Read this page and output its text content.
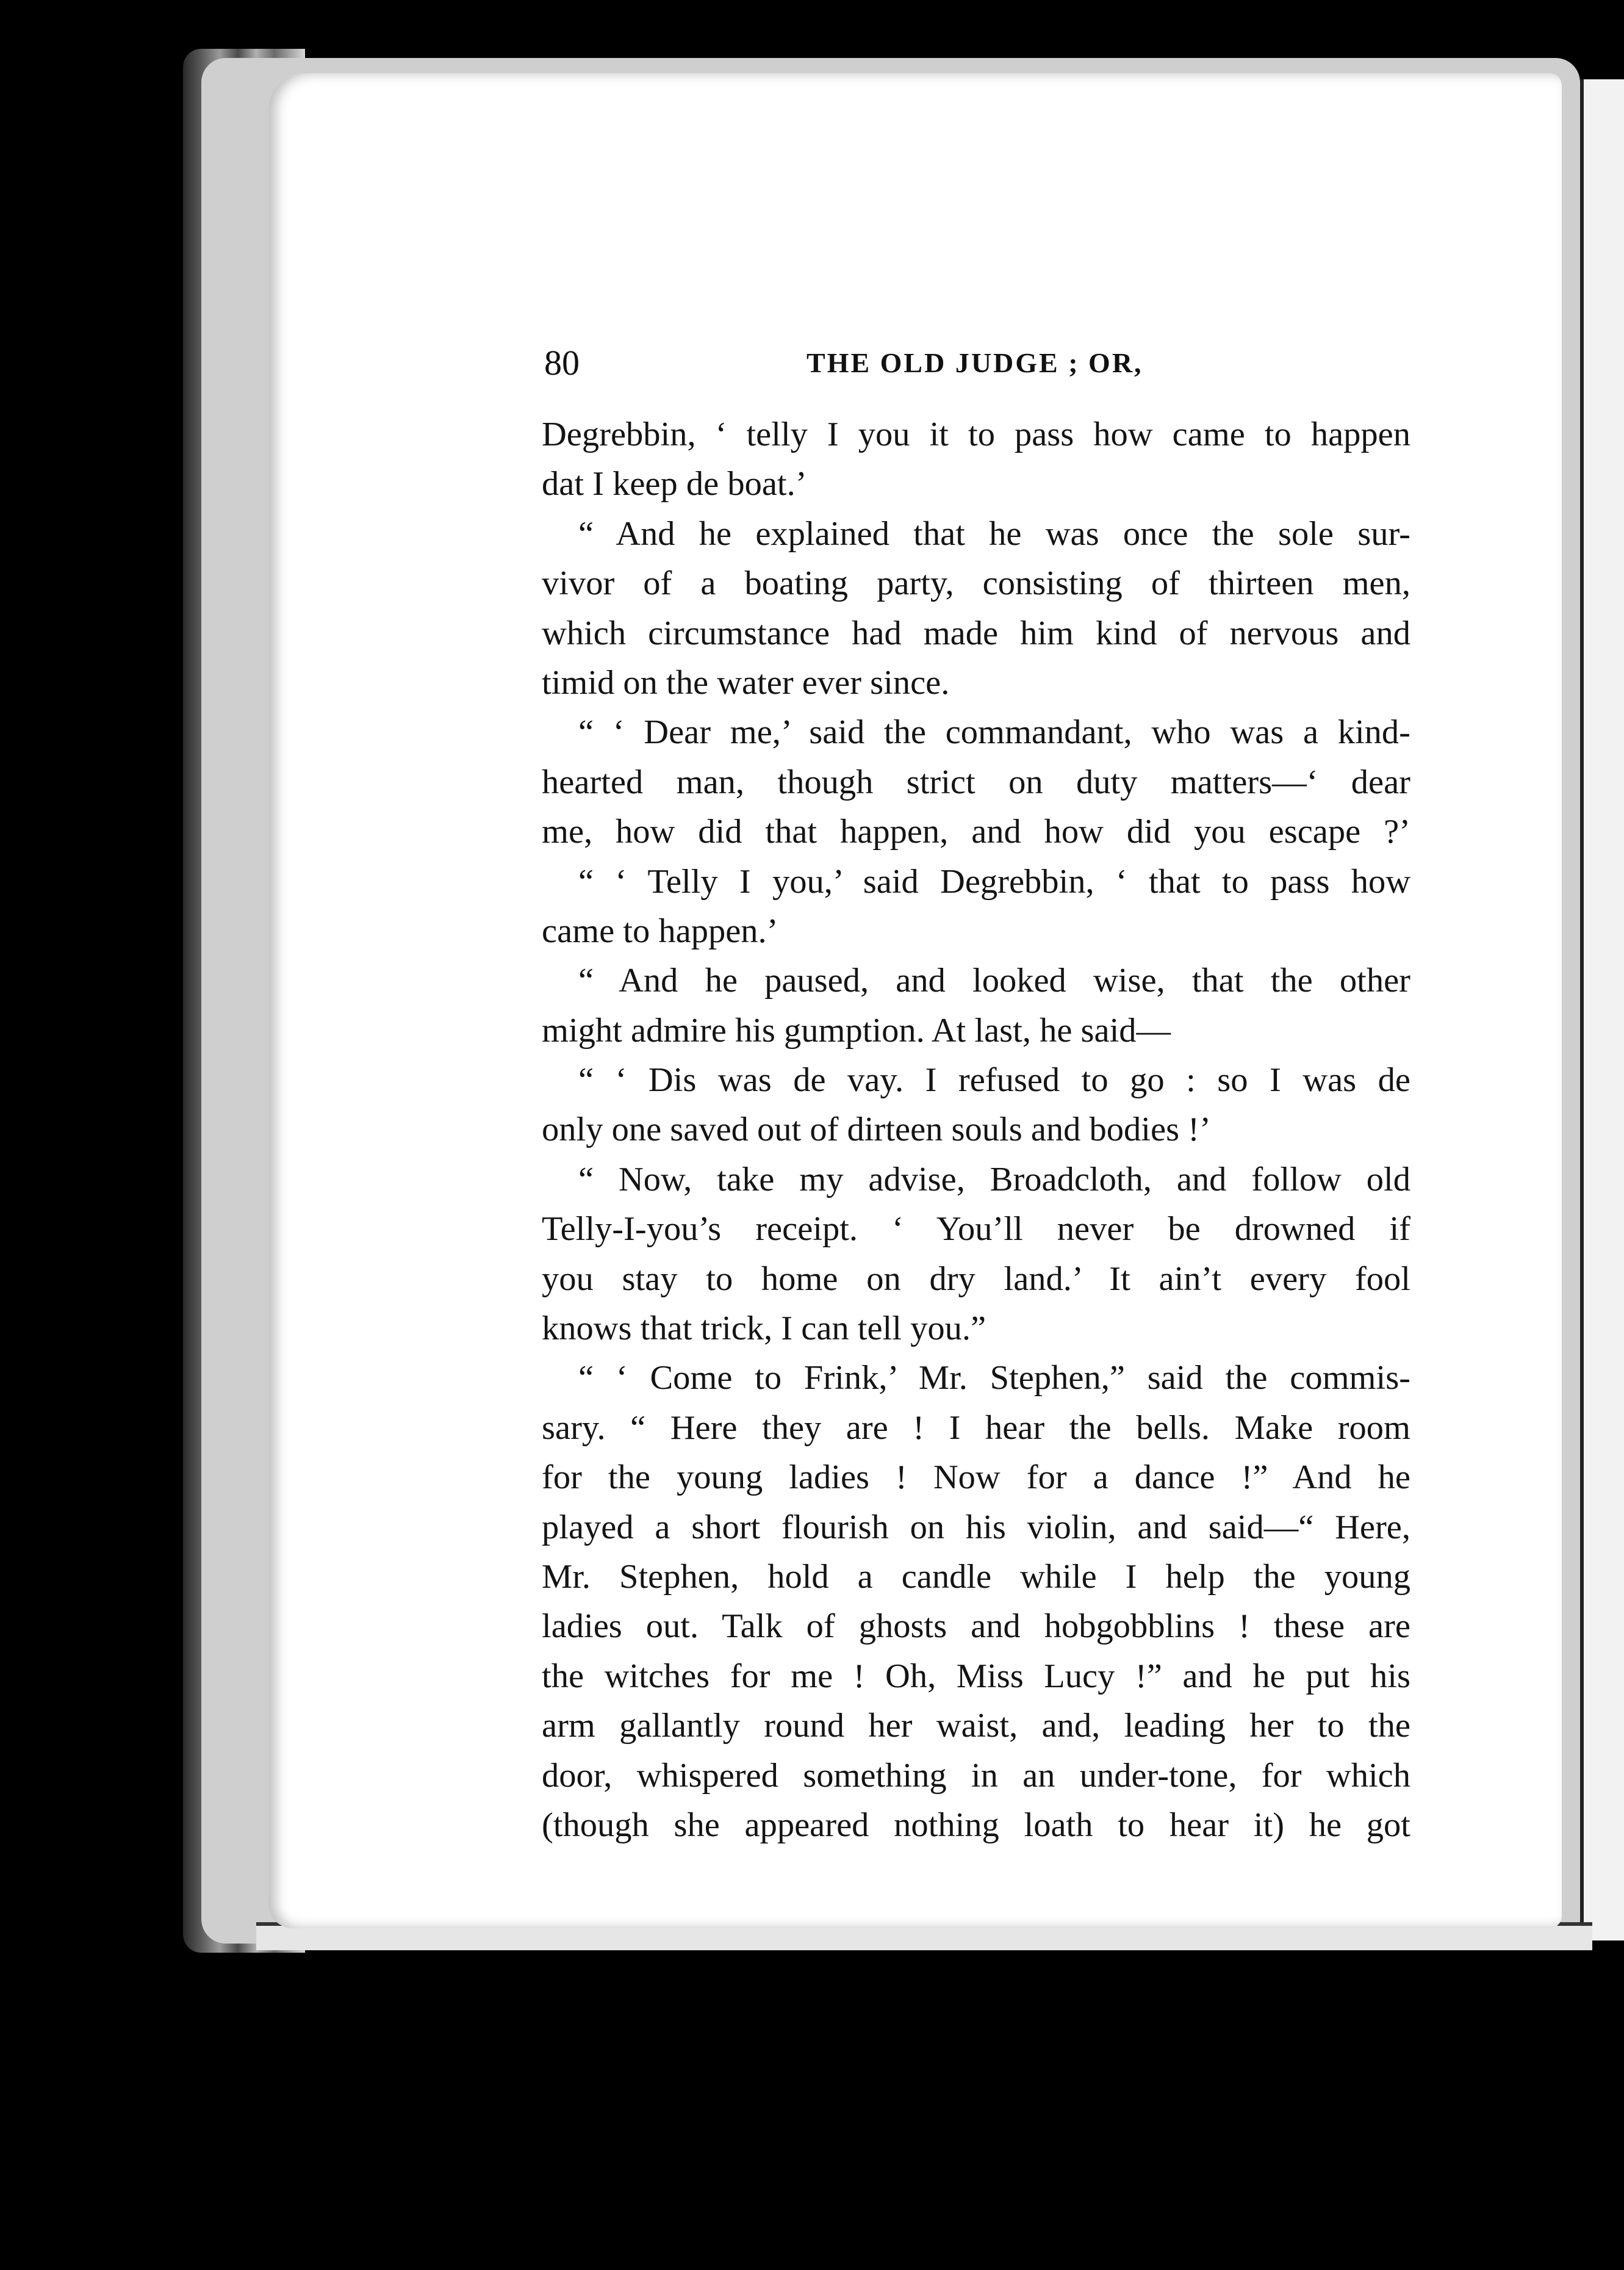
80	THE OLD JUDGE ; OR,
Degrebbin, ‘ telly I you it to pass how came to happen
dat I keep de boat.’
“ And he explained that he was once the sole sur-
vivor of a boating party, consisting of thirteen men,
which circumstance had made him kind of nervous and
timid on the water ever since.
“ ‘ Dear me,’ said the commandant, who was a kind-
hearted man, though strict on duty matters—‘ dear
me, how did that happen, and how did you escape ?’
“ ‘ Telly I you,’ said Degrebbin, ‘ that to pass how
came to happen.’
“ And he paused, and looked wise, that the other
might admire his gumption. At last, he said—
“ ‘ Dis was de vay. I refused to go : so I was de
only one saved out of dirteen souls and bodies !’
“ Now, take my advise, Broadcloth, and follow old
Telly-I-you’s receipt. ‘ You’ll never be drowned if
you stay to home on dry land.’ It ain’t every fool
knows that trick, I can tell you.”
“ ‘ Come to Frink,’ Mr. Stephen,” said the commis-
sary. “ Here they are ! I hear the bells. Make room
for the young ladies ! Now for a dance !” And he
played a short flourish on his violin, and said—“ Here,
Mr. Stephen, hold a candle while I help the young
ladies out. Talk of ghosts and hobgobblins ! these are
the witches for me ! Oh, Miss Lucy !” and he put his
arm gallantly round her waist, and, leading her to the
door, whispered something in an under-tone, for which
(though she appeared nothing loath to hear it) he got
